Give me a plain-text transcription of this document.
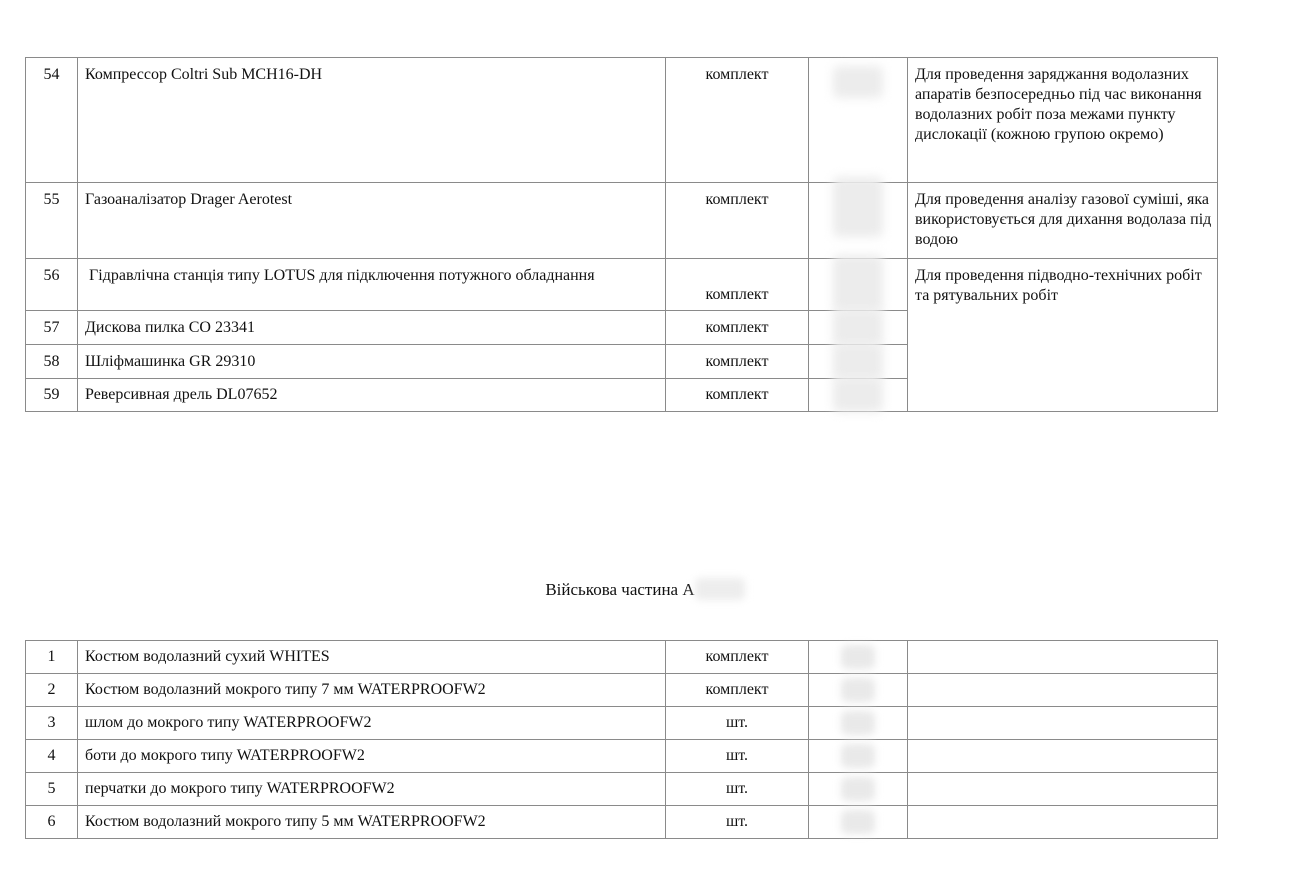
54	Компрессор Coltri Sub MCH16-DH	комплект		Для проведення заряджання водолазних апаратів безпосередньо під час виконання водолазних робіт поза межами пункту дислокації (кожною групою окремо)
55	Газоаналізатор Drager Aerotest	комплект		Для проведення аналізу газової суміші, яка використовується для дихання водолаза під водою
56	Гідравлічна станція типу LOTUS для підключення потужного обладнання	комплект		Для проведення підводно-технічних робіт та рятувальних робіт
57	Дискова пилка CO 23341	комплект		

58	Шліфмашинка GR 29310	комплект		

59	Реверсивная дрель DL07652	комплект		
Військова частина А
1	Костюм водолазний сухий WHITES	комплект	

2	Костюм водолазний мокрого типу 7 мм WATERPROOFW2	комплект	

3	шлом до мокрого типу WATERPROOFW2	шт.	

4	боти до мокрого типу WATERPROOFW2	шт.	

5	перчатки до мокрого типу WATERPROOFW2	шт.	

6	Костюм водолазний мокрого типу 5 мм WATERPROOFW2	шт.	
